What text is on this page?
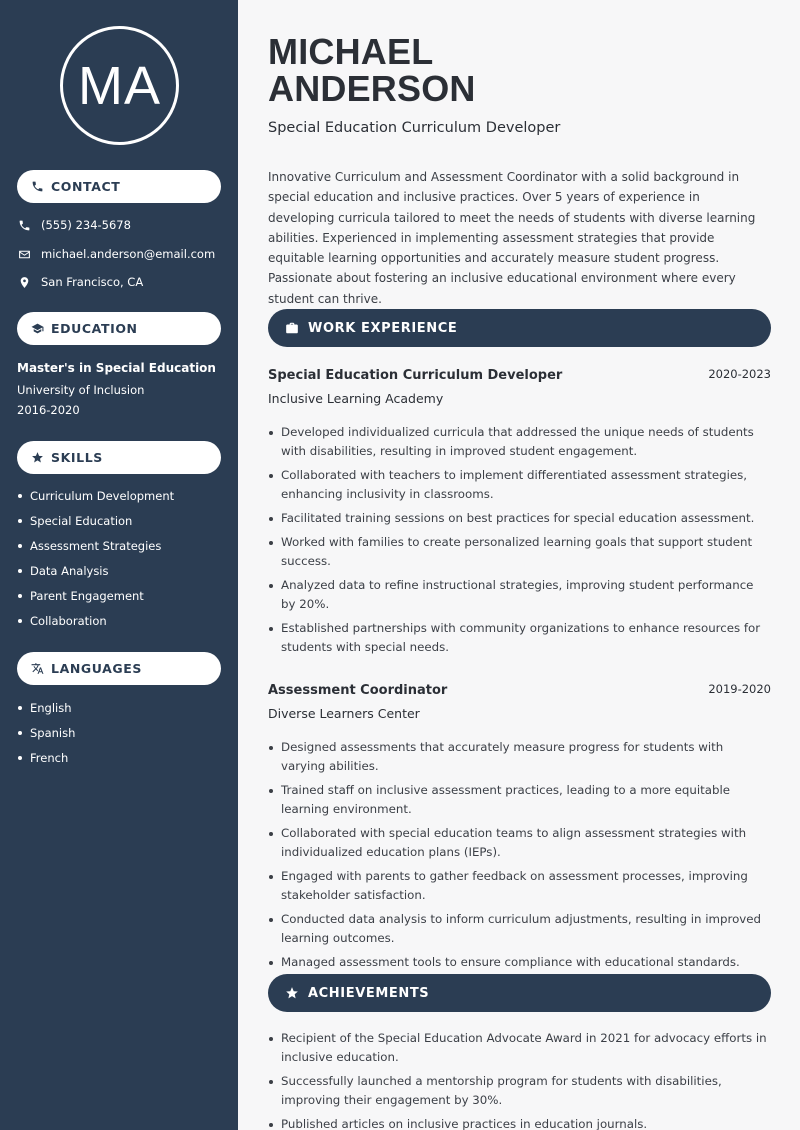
MA
CONTACT
(555) 234-5678
michael.anderson@email.com
San Francisco, CA
EDUCATION
Master's in Special Education
University of Inclusion
2016-2020
SKILLS
Curriculum Development
Special Education
Assessment Strategies
Data Analysis
Parent Engagement
Collaboration
LANGUAGES
English
Spanish
French
MICHAEL
ANDERSON
Special Education Curriculum Developer

Innovative Curriculum and Assessment Coordinator with a solid background in special education and inclusive practices. Over 5 years of experience in developing curricula tailored to meet the needs of students with diverse learning abilities. Experienced in implementing assessment strategies that provide equitable learning opportunities and accurately measure student progress. Passionate about fostering an inclusive educational environment where every student can thrive.

WORK EXPERIENCE
Special Education Curriculum Developer	2020-2023
Inclusive Learning Academy
Developed individualized curricula that addressed the unique needs of students with disabilities, resulting in improved student engagement.
Collaborated with teachers to implement differentiated assessment strategies, enhancing inclusivity in classrooms.
Facilitated training sessions on best practices for special education assessment.
Worked with families to create personalized learning goals that support student success.
Analyzed data to refine instructional strategies, improving student performance by 20%.
Established partnerships with community organizations to enhance resources for students with special needs.
Assessment Coordinator	2019-2020
Diverse Learners Center
Designed assessments that accurately measure progress for students with varying abilities.
Trained staff on inclusive assessment practices, leading to a more equitable learning environment.
Collaborated with special education teams to align assessment strategies with individualized education plans (IEPs).
Engaged with parents to gather feedback on assessment processes, improving stakeholder satisfaction.
Conducted data analysis to inform curriculum adjustments, resulting in improved learning outcomes.
Managed assessment tools to ensure compliance with educational standards.
ACHIEVEMENTS
Recipient of the Special Education Advocate Award in 2021 for advocacy efforts in inclusive education.
Successfully launched a mentorship program for students with disabilities, improving their engagement by 30%.
Published articles on inclusive practices in education journals.
